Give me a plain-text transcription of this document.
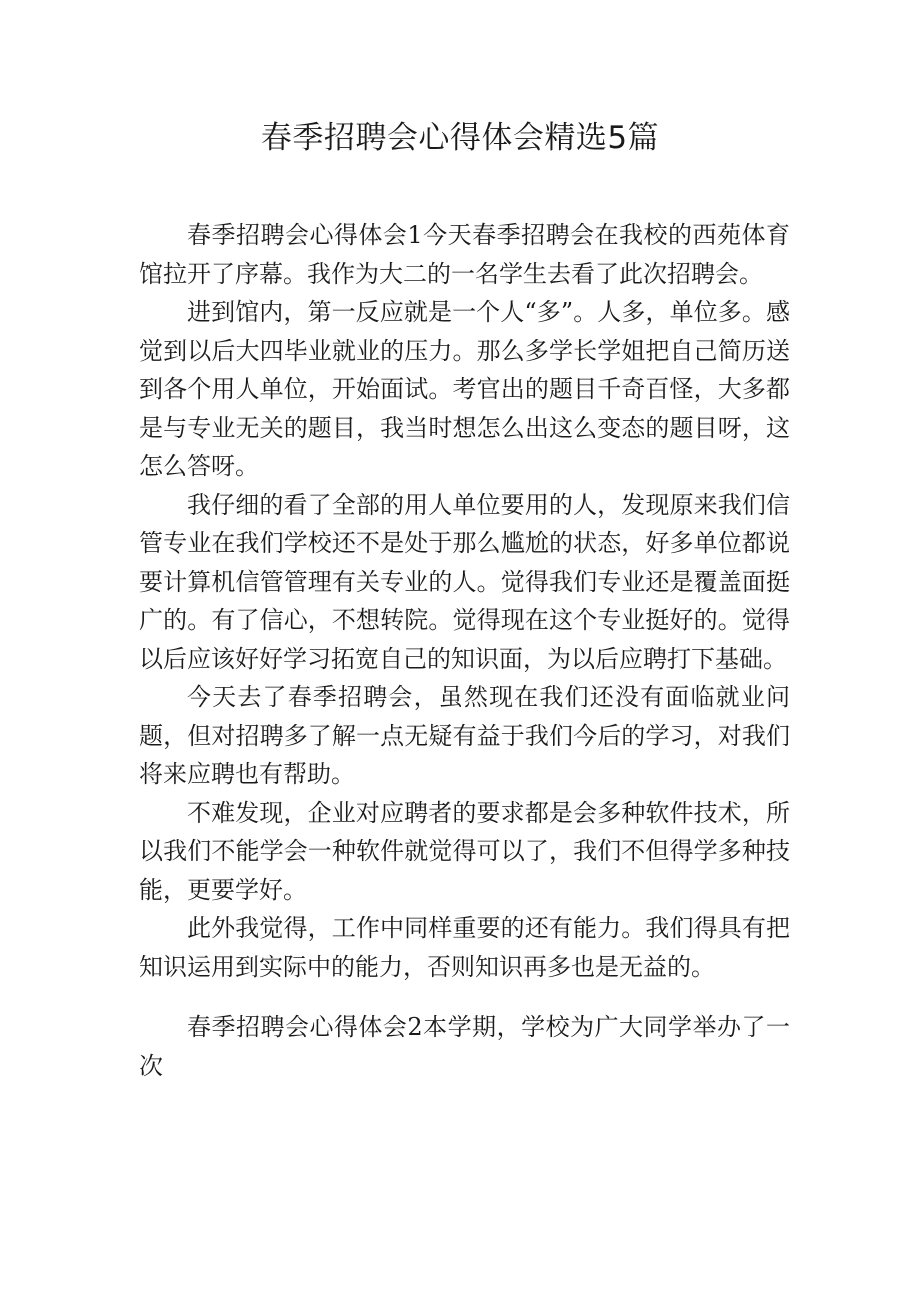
春季招聘会心得体会精选5篇

春季招聘会心得体会1今天春季招聘会在我校的西苑体育馆拉开了序幕。我作为大二的一名学生去看了此次招聘会。

进到馆内，第一反应就是一个人“多”。人多，单位多。感觉到以后大四毕业就业的压力。那么多学长学姐把自己简历送到各个用人单位，开始面试。考官出的题目千奇百怪，大多都是与专业无关的题目，我当时想怎么出这么变态的题目呀，这怎么答呀。

我仔细的看了全部的用人单位要用的人，发现原来我们信管专业在我们学校还不是处于那么尴尬的状态，好多单位都说要计算机信管管理有关专业的人。觉得我们专业还是覆盖面挺广的。有了信心，不想转院。觉得现在这个专业挺好的。觉得以后应该好好学习拓宽自己的知识面，为以后应聘打下基础。

今天去了春季招聘会，虽然现在我们还没有面临就业问题，但对招聘多了解一点无疑有益于我们今后的学习，对我们将来应聘也有帮助。

不难发现，企业对应聘者的要求都是会多种软件技术，所以我们不能学会一种软件就觉得可以了，我们不但得学多种技能，更要学好。

此外我觉得，工作中同样重要的还有能力。我们得具有把知识运用到实际中的能力，否则知识再多也是无益的。

春季招聘会心得体会2本学期，学校为广大同学举办了一次
